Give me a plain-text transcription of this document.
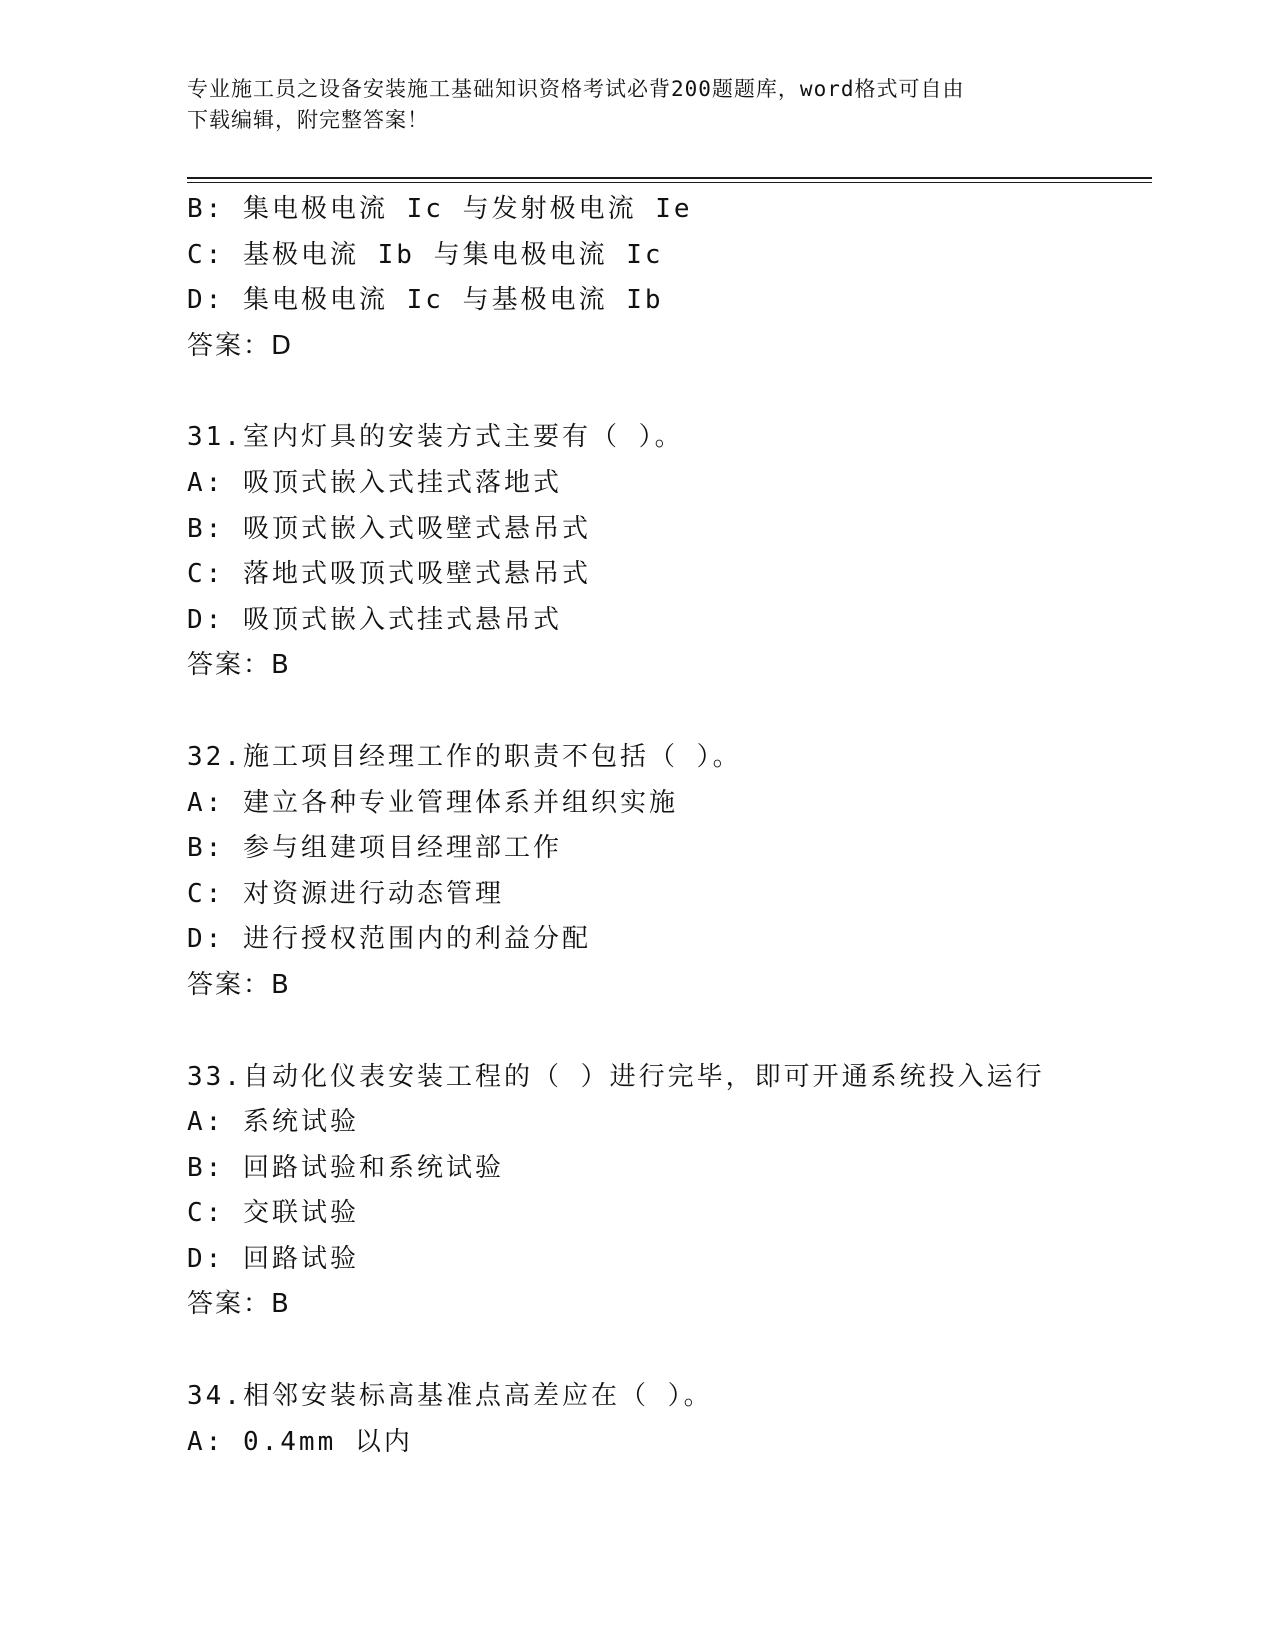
专业施工员之设备安装施工基础知识资格考试必背200题题库，word格式可自由
下载编辑，附完整答案！
B: 集电极电流 Ic 与发射极电流 Ie
C: 基极电流 Ib 与集电极电流 Ic
D: 集电极电流 Ic 与基极电流 Ib
答案：D
31.室内灯具的安装方式主要有（ ）。
A: 吸顶式嵌入式挂式落地式
B: 吸顶式嵌入式吸壁式悬吊式
C: 落地式吸顶式吸壁式悬吊式
D: 吸顶式嵌入式挂式悬吊式
答案：B
32.施工项目经理工作的职责不包括（ ）。
A: 建立各种专业管理体系并组织实施
B: 参与组建项目经理部工作
C: 对资源进行动态管理
D: 进行授权范围内的利益分配
答案：B
33.自动化仪表安装工程的（ ）进行完毕，即可开通系统投入运行
A: 系统试验
B: 回路试验和系统试验
C: 交联试验
D: 回路试验
答案：B
34.相邻安装标高基准点高差应在（ ）。
A: 0.4mm 以内
